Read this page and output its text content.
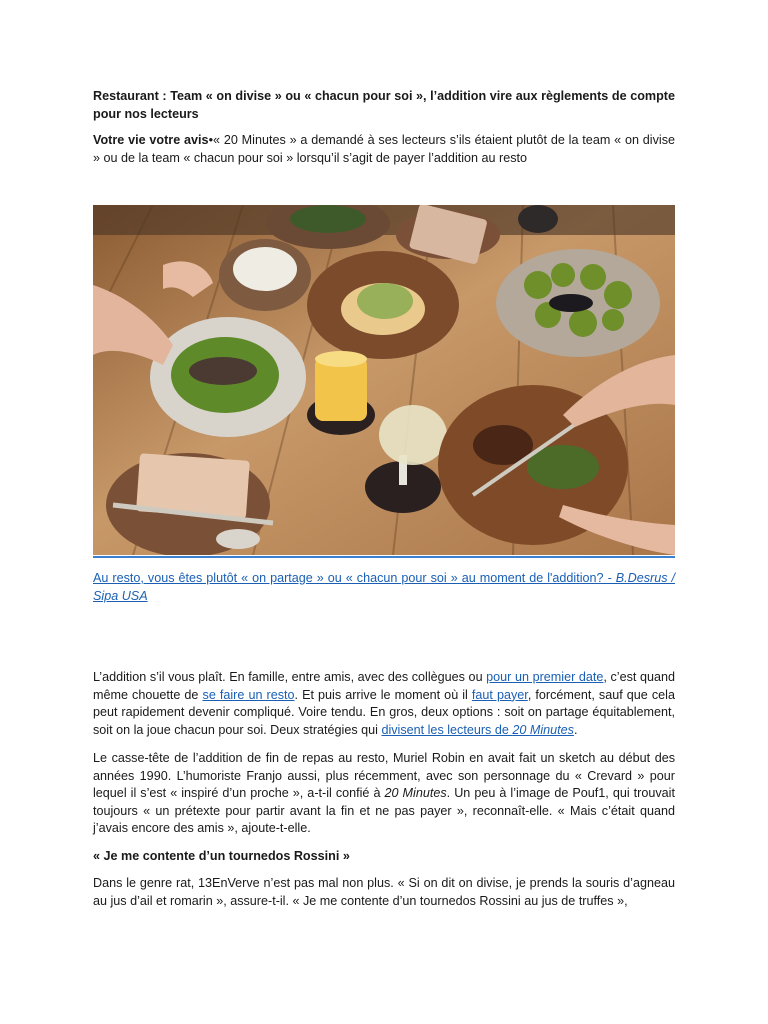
Restaurant : Team « on divise » ou « chacun pour soi », l’addition vire aux règlements de compte pour nos lecteurs

Votre vie votre avis•« 20 Minutes » a demandé à ses lecteurs s’ils étaient plutôt de la team « on divise » ou de la team « chacun pour soi » lorsqu’il s’agit de payer l’addition au resto

Au resto, vous êtes plutôt « on partage » ou « chacun pour soi » au moment de l'addition? - B.Desrus / Sipa USA

L’addition s’il vous plaît. En famille, entre amis, avec des collègues ou pour un premier date, c’est quand même chouette de se faire un resto. Et puis arrive le moment où il faut payer, forcément, sauf que cela peut rapidement devenir compliqué. Voire tendu. En gros, deux options : soit on partage équitablement, soit on la joue chacun pour soi. Deux stratégies qui divisent les lecteurs de 20 Minutes.

Le casse-tête de l’addition de fin de repas au resto, Muriel Robin en avait fait un sketch au début des années 1990. L’humoriste Franjo aussi, plus récemment, avec son personnage du « Crevard » pour lequel il s’est « inspiré d’un proche », a-t-il confié à 20 Minutes. Un peu à l’image de Pouf1, qui trouvait toujours « un prétexte pour partir avant la fin et ne pas payer », reconnaît-elle. « Mais c’était quand j’avais encore des amis », ajoute-t-elle.

« Je me contente d’un tournedos Rossini »

Dans le genre rat, 13EnVerve n’est pas mal non plus. « Si on dit on divise, je prends la souris d’agneau au jus d’ail et romarin », assure-t-il. « Je me contente d’un tournedos Rossini au jus de truffes »,
